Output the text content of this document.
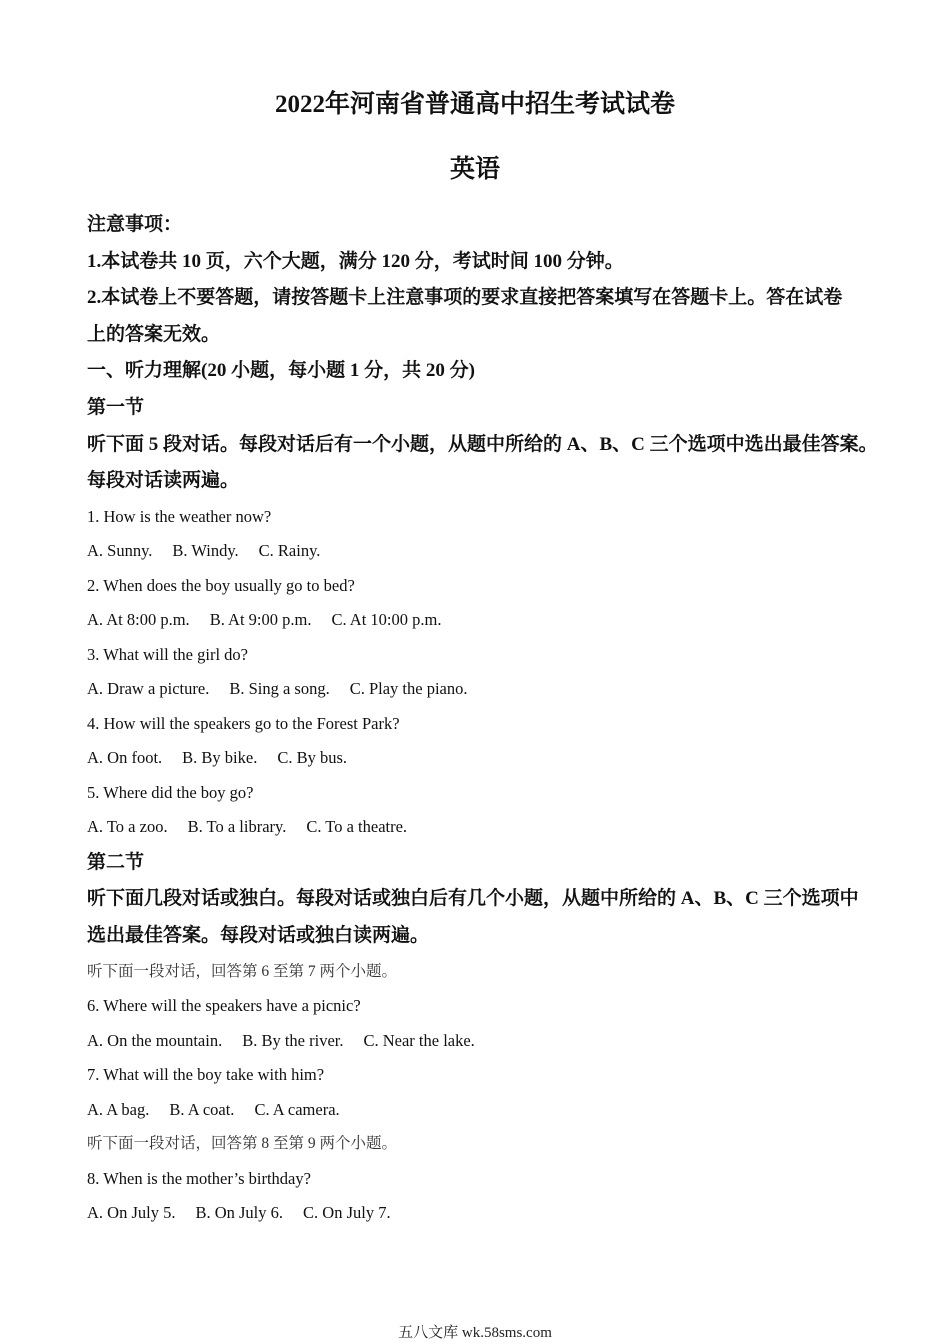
2022年河南省普通高中招生考试试卷
英语

注意事项：

1.本试卷共 10 页，六个大题，满分 120 分，考试时间 100 分钟。

2.本试卷上不要答题，请按答题卡上注意事项的要求直接把答案填写在答题卡上。答在试卷

上的答案无效。

一、听力理解(20 小题，每小题 1 分，共 20 分)

第一节

听下面 5 段对话。每段对话后有一个小题，从题中所给的 A、B、C 三个选项中选出最佳答案。

每段对话读两遍。

1. How is the weather now?

A. Sunny. B. Windy. C. Rainy.

2. When does the boy usually go to bed?

A. At 8:00 p.m. B. At 9:00 p.m. C. At 10:00 p.m.

3. What will the girl do?

A. Draw a picture. B. Sing a song. C. Play the piano.

4. How will the speakers go to the Forest Park?

A. On foot. B. By bike. C. By bus.

5. Where did the boy go?

A. To a zoo. B. To a library. C. To a theatre.

第二节

听下面几段对话或独白。每段对话或独白后有几个小题，从题中所给的 A、B、C 三个选项中

选出最佳答案。每段对话或独白读两遍。

听下面一段对话，回答第 6 至第 7 两个小题。

6. Where will the speakers have a picnic?

A. On the mountain. B. By the river. C. Near the lake.

7. What will the boy take with him?

A. A bag. B. A coat. C. A camera.

听下面一段对话，回答第 8 至第 9 两个小题。

8. When is the mother’s birthday?

A. On July 5. B. On July 6. C. On July 7.

五八文库 wk.58sms.com
